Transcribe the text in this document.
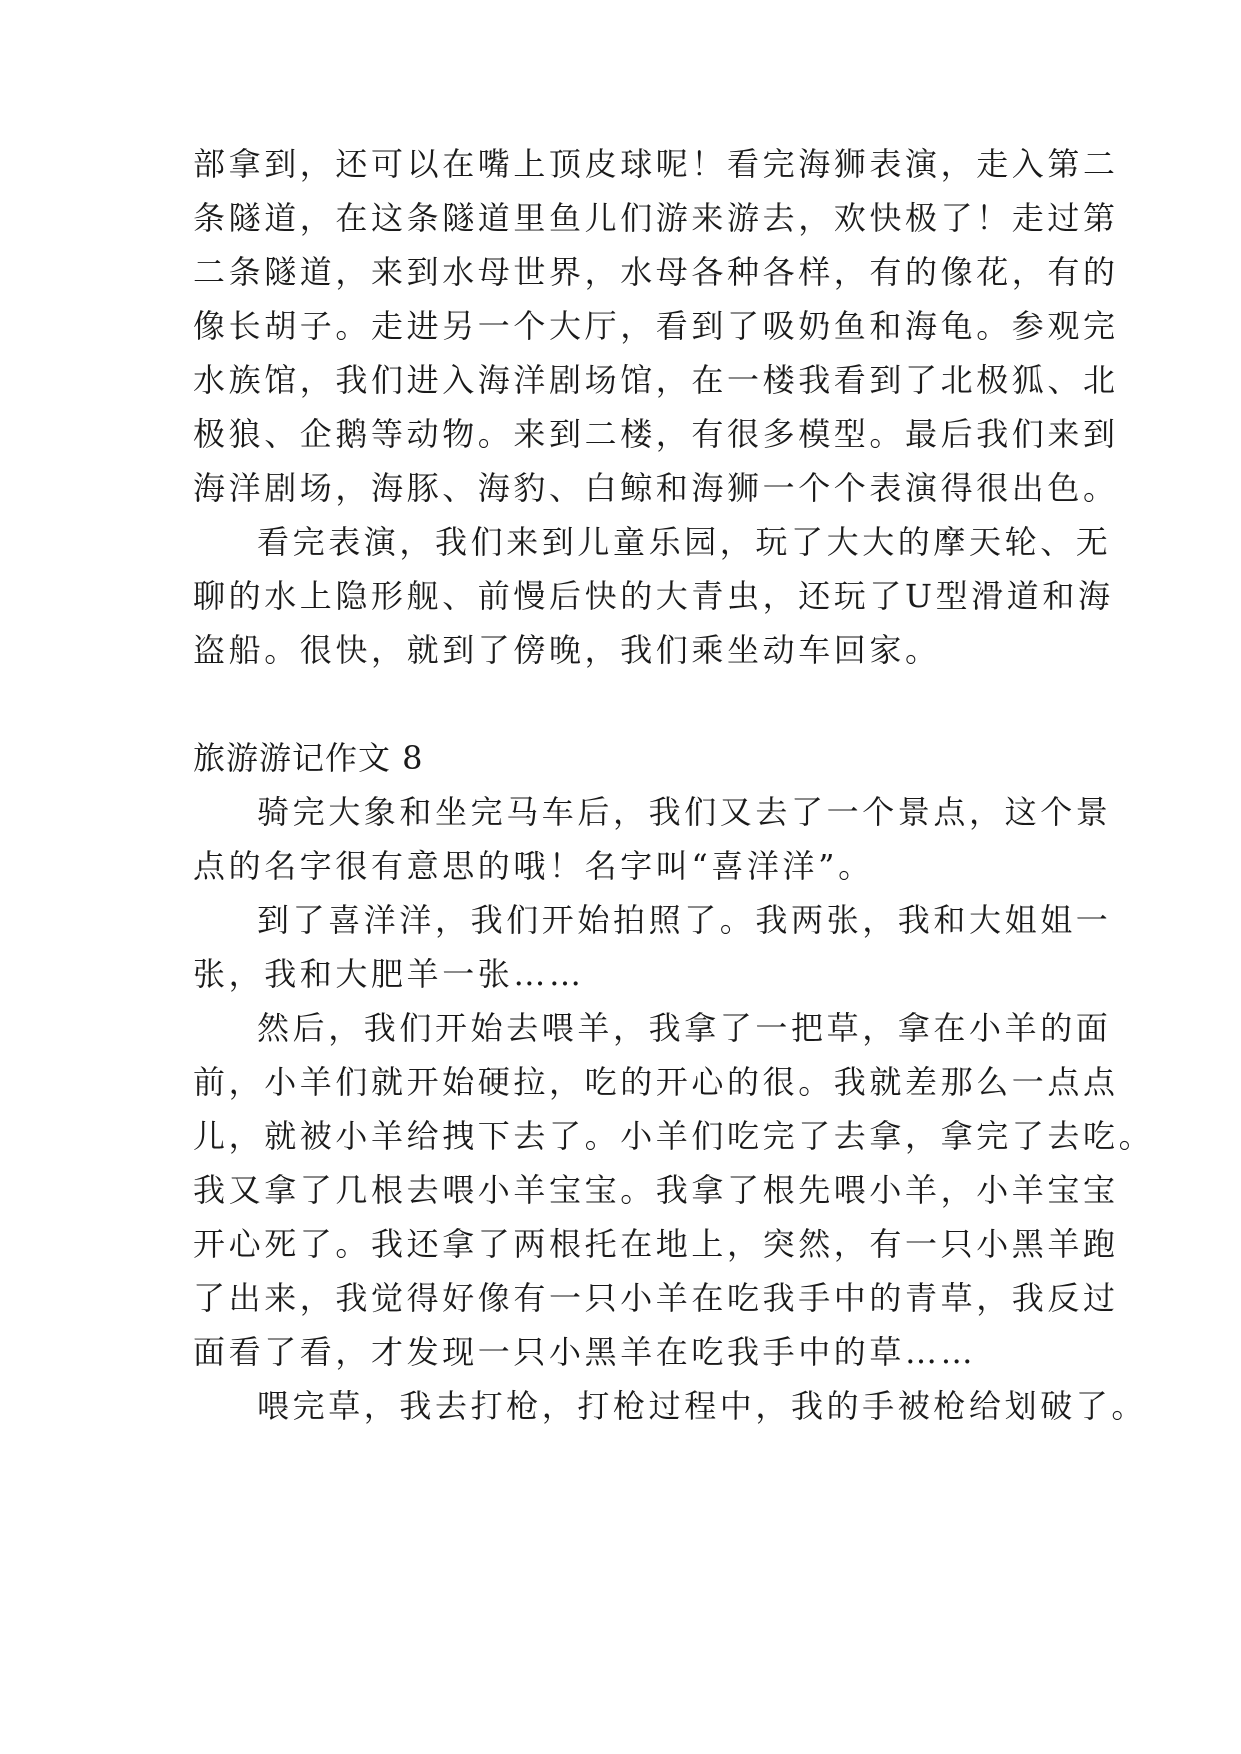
部拿到，还可以在嘴上顶皮球呢！看完海狮表演，走入第二
条隧道，在这条隧道里鱼儿们游来游去，欢快极了！走过第
二条隧道，来到水母世界，水母各种各样，有的像花，有的
像长胡子。走进另一个大厅，看到了吸奶鱼和海龟。参观完
水族馆，我们进入海洋剧场馆，在一楼我看到了北极狐、北
极狼、企鹅等动物。来到二楼，有很多模型。最后我们来到
海洋剧场，海豚、海豹、白鲸和海狮一个个表演得很出色。
看完表演，我们来到儿童乐园，玩了大大的摩天轮、无
聊的水上隐形舰、前慢后快的大青虫，还玩了U型滑道和海
盗船。很快，就到了傍晚，我们乘坐动车回家。
旅游游记作文 8
骑完大象和坐完马车后，我们又去了一个景点，这个景
点的名字很有意思的哦！名字叫“喜洋洋”。
到了喜洋洋，我们开始拍照了。我两张，我和大姐姐一
张，我和大肥羊一张……
然后，我们开始去喂羊，我拿了一把草，拿在小羊的面
前，小羊们就开始硬拉，吃的开心的很。我就差那么一点点
儿，就被小羊给拽下去了。小羊们吃完了去拿，拿完了去吃。
我又拿了几根去喂小羊宝宝。我拿了根先喂小羊，小羊宝宝
开心死了。我还拿了两根托在地上，突然，有一只小黑羊跑
了出来，我觉得好像有一只小羊在吃我手中的青草，我反过
面看了看，才发现一只小黑羊在吃我手中的草……
喂完草，我去打枪，打枪过程中，我的手被枪给划破了。
